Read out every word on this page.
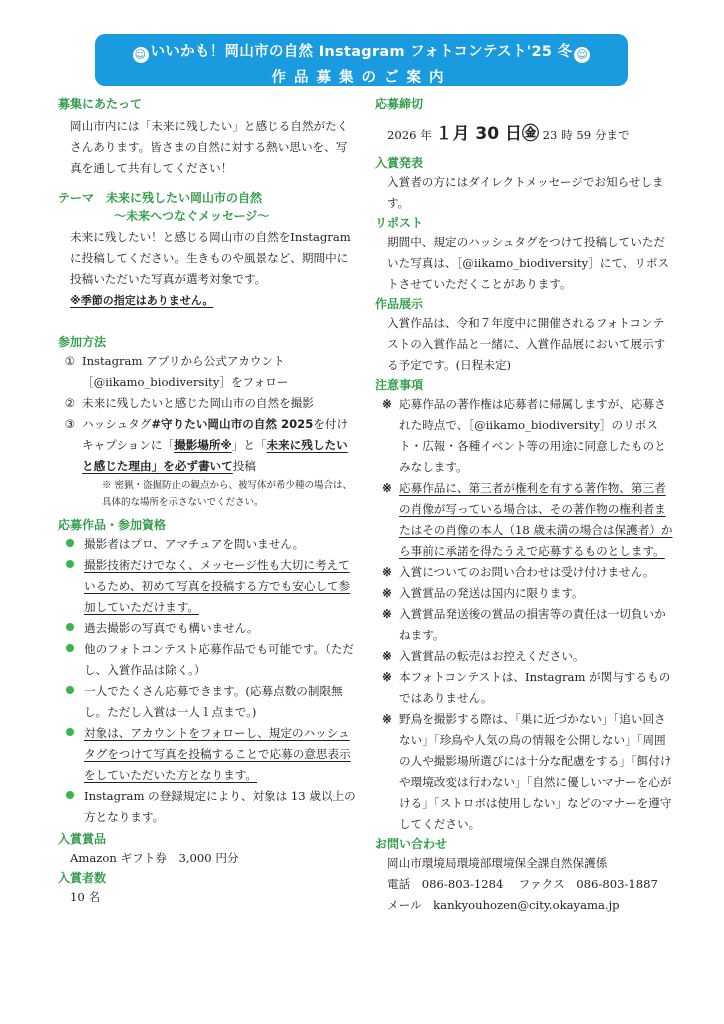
☺ いいかも！岡山市の自然 Instagram フォトコンテスト'25 冬 ☺
作品募集のご案内

募集にあたって

岡山市内には「未来に残したい」と感じる自然がたくさんあります。皆さまの自然に対する熱い思いを、写真を通して共有してください！

テーマ　未来に残したい岡山市の自然

～未来へつなぐメッセージ～

未来に残したい！と感じる岡山市の自然をInstagram に投稿してください。生きものや風景など、期間中に投稿いただいた写真が選考対象です。

※季節の指定はありません。

参加方法

① Instagram アプリから公式アカウント［@iikamo_biodiversity］をフォロー
② 未来に残したいと感じた岡山市の自然を撮影
③ ハッシュタグ#守りたい岡山市の自然 2025を付けキャプションに「撮影場所※」と「未来に残したいと感じた理由」を必ず書いて投稿

※ 密猟・盗掘防止の観点から、被写体が希少種の場合は、具体的な場所を示さないでください。

応募作品・参加資格

撮影者はプロ、アマチュアを問いません。
撮影技術だけでなく、メッセージ性も大切に考えているため、初めて写真を投稿する方でも安心して参加していただけます。
過去撮影の写真でも構いません。
他のフォトコンテスト応募作品でも可能です。（ただし、入賞作品は除く。）
一人でたくさん応募できます。(応募点数の制限無し。ただし入賞は一人１点まで。)
対象は、アカウントをフォローし、規定のハッシュタグをつけて写真を投稿することで応募の意思表示をしていただいた方となります。
Instagram の登録規定により、対象は 13 歳以上の方となります。

入賞賞品

Amazon ギフト券　3,000 円分

入賞者数

10 名

応募締切

2026 年 １月 30 日㊎ 23 時 59 分まで

入賞発表

入賞者の方にはダイレクトメッセージでお知らせします。

リポスト

期間中、規定のハッシュタグをつけて投稿していただいた写真は、［@iikamo_biodiversity］にて、リポストさせていただくことがあります。

作品展示

入賞作品は、令和７年度中に開催されるフォトコンテストの入賞作品と一緒に、入賞作品展において展示する予定です。(日程未定)

注意事項

※ 応募作品の著作権は応募者に帰属しますが、応募された時点で、［@iikamo_biodiversity］のリポスト・広報・各種イベント等の用途に同意したものとみなします。
※ 応募作品に、第三者が権利を有する著作物、第三者の肖像が写っている場合は、その著作物の権利者またはその肖像の本人（18 歳未満の場合は保護者）から事前に承諾を得たうえで応募するものとします。
※ 入賞についてのお問い合わせは受け付けません。
※ 入賞賞品の発送は国内に限ります。
※ 入賞賞品発送後の賞品の損害等の責任は一切負いかねます。
※ 入賞賞品の転売はお控えください。
※ 本フォトコンテストは、Instagram が関与するものではありません。
※ 野鳥を撮影する際は、「巣に近づかない」「追い回さない」「珍鳥や人気の鳥の情報を公開しない」「周囲の人や撮影場所選びには十分な配慮をする」「餌付けや環境改変は行わない」「自然に優しいマナーを心がける」「ストロボは使用しない」などのマナーを遵守してください。

お問い合わせ

岡山市環境局環境部環境保全課自然保護係

電話　086-803-1284　 ファクス　086-803-1887

メール　kankyouhozen@city.okayama.jp
